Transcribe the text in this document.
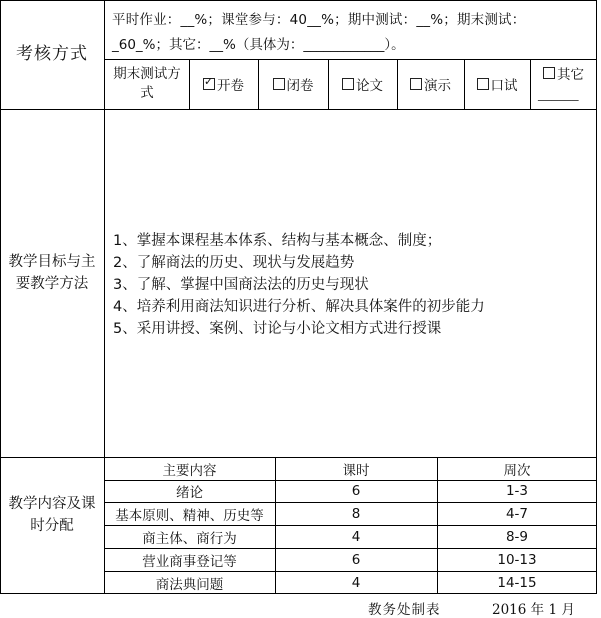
考核方式
平时作业：__%；课堂参与：40__%；期中测试：__%；期末测试：
_60_%；其它：__%（具体为：____________）。
期末测试方式
✓	开卷	闭卷	论文	演示	口试
其它
______
教学目标与主要教学方法
1、掌握本课程基本体系、结构与基本概念、制度；
2、了解商法的历史、现状与发展趋势
3、了解、掌握中国商法法的历史与现状
4、培养利用商法知识进行分析、解决具体案件的初步能力
5、采用讲授、案例、讨论与小论文相方式进行授课
教学内容及课时分配
主要内容	课时	周次
绪论	6	1-3
基本原则、精神、历史等	8	4-7
商主体、商行为	4	8-9
营业商事登记等	6	10-13
商法典问题	4	14-15
教务处制表	2016 年 1 月
